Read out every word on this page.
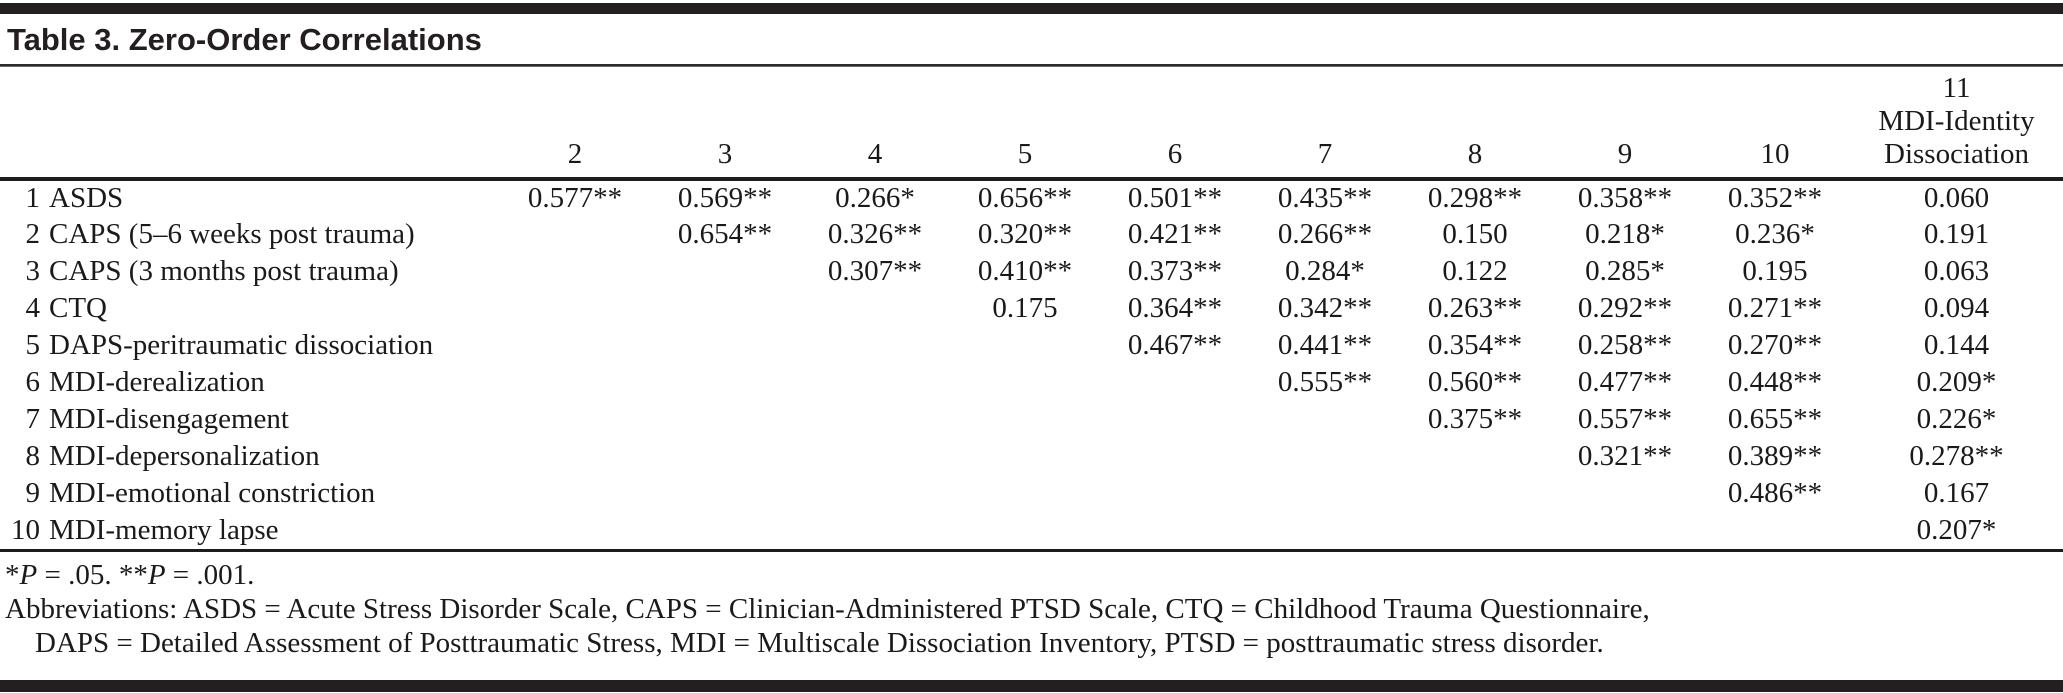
Table 3. Zero-Order Correlations
	2	3	4	5	6	7	8	9	10	11
MDI-Identity
Dissociation

1 ASDS	0.577**	0.569**	0.266*	0.656**	0.501**	0.435**	0.298**	0.358**	0.352**	0.060
2 CAPS (5–6 weeks post trauma)		0.654**	0.326**	0.320**	0.421**	0.266**	0.150	0.218*	0.236*	0.191
3 CAPS (3 months post trauma)			0.307**	0.410**	0.373**	0.284*	0.122	0.285*	0.195	0.063
4 CTQ				0.175	0.364**	0.342**	0.263**	0.292**	0.271**	0.094
5 DAPS-peritraumatic dissociation					0.467**	0.441**	0.354**	0.258**	0.270**	0.144
6 MDI-derealization						0.555**	0.560**	0.477**	0.448**	0.209*
7 MDI-disengagement							0.375**	0.557**	0.655**	0.226*
8 MDI-depersonalization								0.321**	0.389**	0.278**
9 MDI-emotional constriction									0.486**	0.167
10 MDI-memory lapse										0.207*
*P = .05. **P = .001.
Abbreviations: ASDS = Acute Stress Disorder Scale, CAPS = Clinician-Administered PTSD Scale, CTQ = Childhood Trauma Questionnaire,
DAPS = Detailed Assessment of Posttraumatic Stress, MDI = Multiscale Dissociation Inventory, PTSD = posttraumatic stress disorder.
